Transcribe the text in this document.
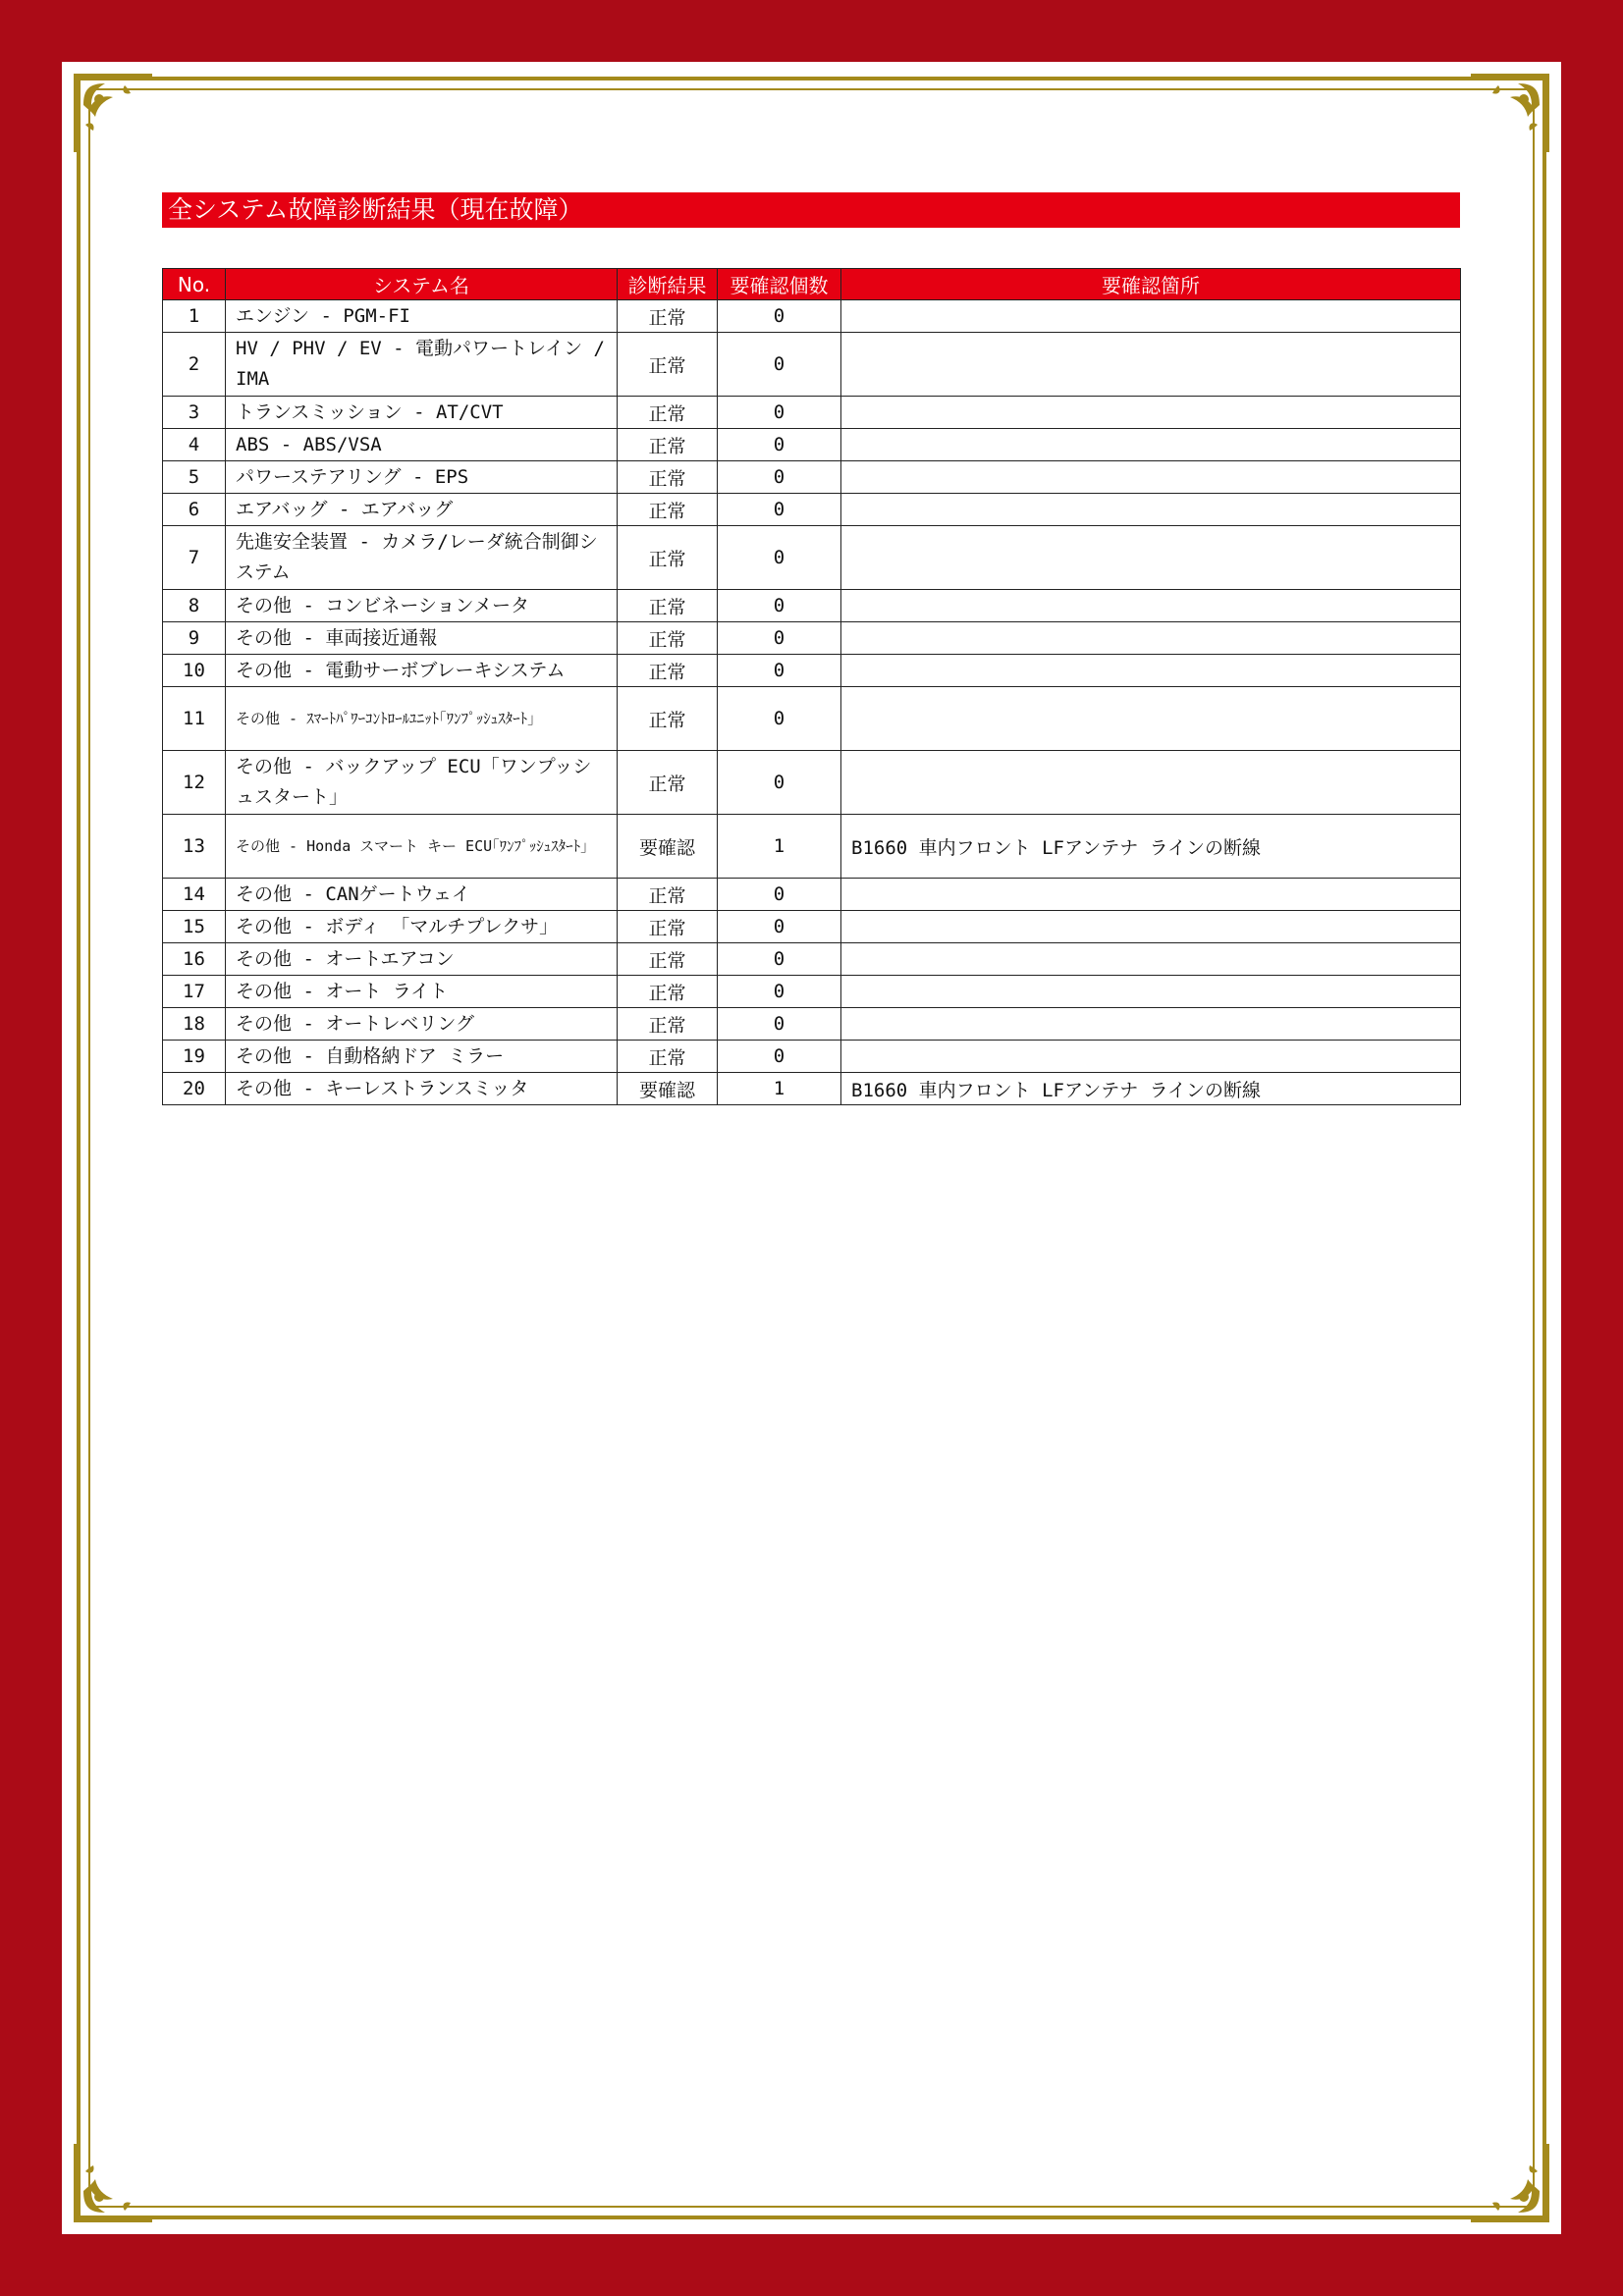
全システム故障診断結果（現在故障）
No.	システム名	診断結果	要確認個数	要確認箇所
1	エンジン - PGM-FI	正常	0	
2	HV / PHV / EV - 電動パワートレイン /IMA	正常	0	
3	トランスミッション - AT/CVT	正常	0	
4	ABS - ABS/VSA	正常	0	
5	パワーステアリング - EPS	正常	0	
6	エアバッグ - エアバッグ	正常	0	
7	先進安全装置 - カメラ/レーダ統合制御システム	正常	0	
8	その他 - コンビネーションメータ	正常	0	
9	その他 - 車両接近通報	正常	0	
10	その他 - 電動サーボブレーキシステム	正常	0	
11	その他 - ｽﾏｰﾄﾊﾟﾜｰｺﾝﾄﾛｰﾙﾕﾆｯﾄ｢ﾜﾝﾌﾟｯｼｭｽﾀｰﾄ｣	正常	0	
12	その他 - バックアップ ECU「ワンプッシュスタート」	正常	0	
13	その他 - Honda スマート キー ECU｢ﾜﾝﾌﾟｯｼｭｽﾀｰﾄ｣	要確認	1	B1660 車内フロント LFアンテナ ラインの断線
14	その他 - CANゲートウェイ	正常	0	
15	その他 - ボディ 「マルチプレクサ」	正常	0	
16	その他 - オートエアコン	正常	0	
17	その他 - オート ライト	正常	0	
18	その他 - オートレベリング	正常	0	
19	その他 - 自動格納ドア ミラー	正常	0	
20	その他 - キーレストランスミッタ	要確認	1	B1660 車内フロント LFアンテナ ラインの断線
